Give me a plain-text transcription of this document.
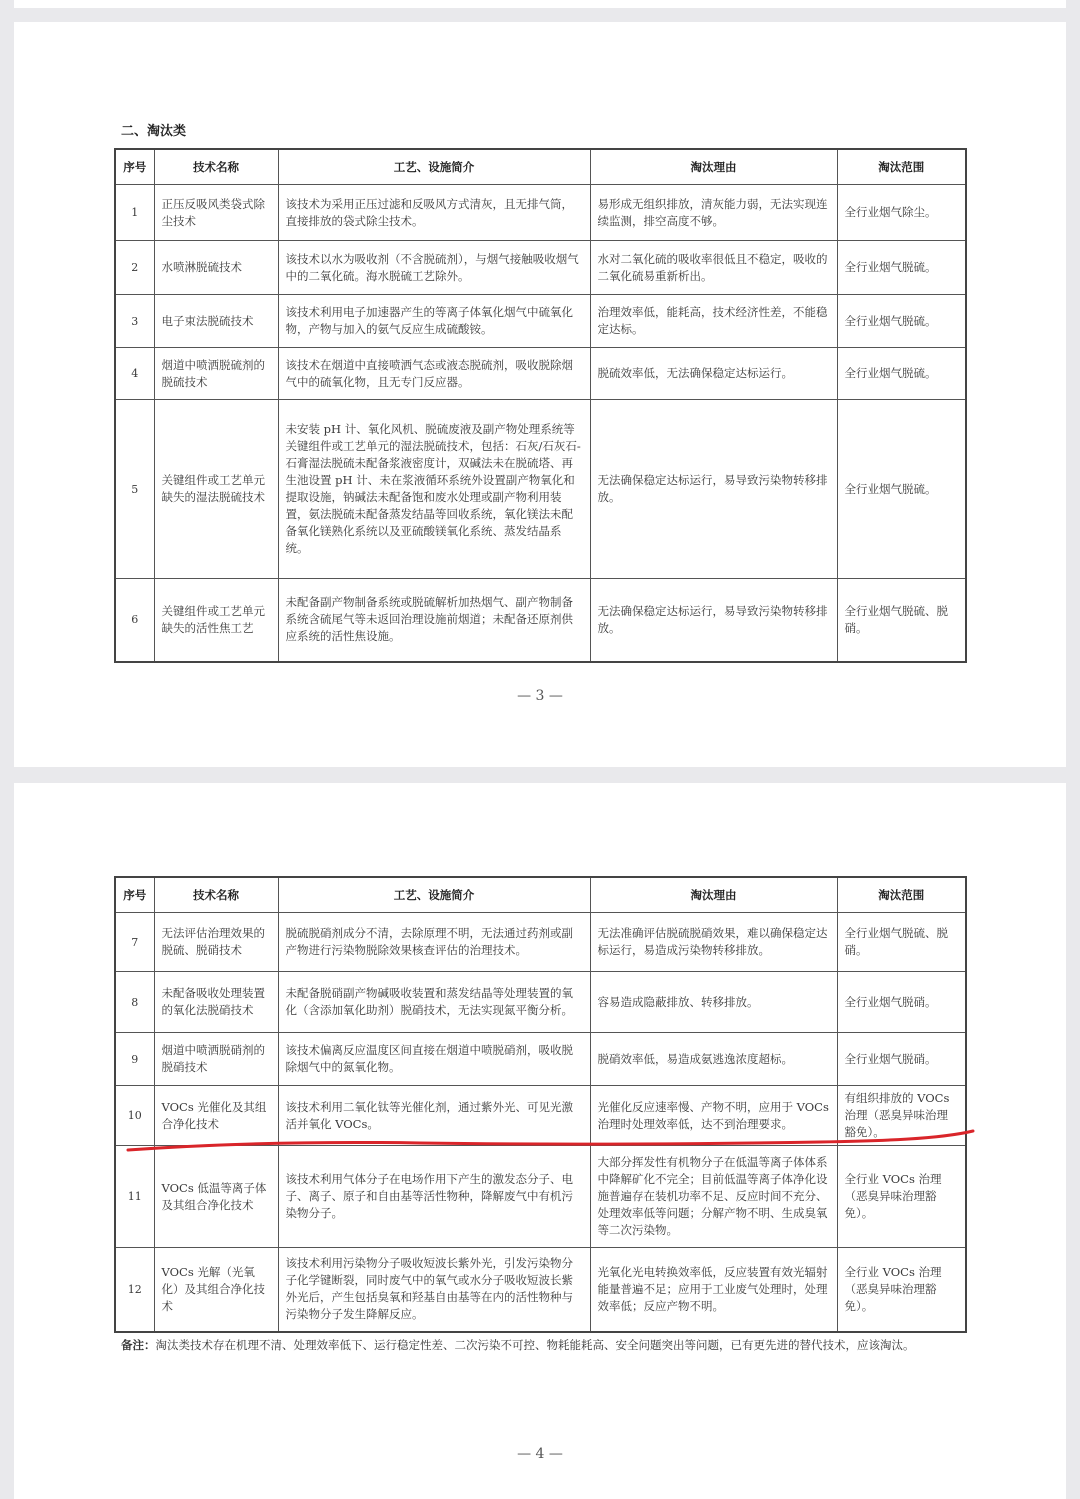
二、淘汰类
序号	技术名称	工艺、设施简介	淘汰理由	淘汰范围
1	正压反吸风类袋式除尘技术	该技术为采用正压过滤和反吸风方式清灰，且无排气筒，直接排放的袋式除尘技术。	易形成无组织排放，清灰能力弱，无法实现连续监测，排空高度不够。	全行业烟气除尘。
2	水喷淋脱硫技术	该技术以水为吸收剂（不含脱硫剂），与烟气接触吸收烟气中的二氧化硫。海水脱硫工艺除外。	水对二氧化硫的吸收率很低且不稳定，吸收的二氧化硫易重新析出。	全行业烟气脱硫。
3	电子束法脱硫技术	该技术利用电子加速器产生的等离子体氧化烟气中硫氧化物，产物与加入的氨气反应生成硫酸铵。	治理效率低，能耗高，技术经济性差，不能稳定达标。	全行业烟气脱硫。
4	烟道中喷洒脱硫剂的脱硫技术	该技术在烟道中直接喷洒气态或液态脱硫剂，吸收脱除烟气中的硫氧化物，且无专门反应器。	脱硫效率低，无法确保稳定达标运行。	全行业烟气脱硫。
5	关键组件或工艺单元缺失的湿法脱硫技术	未安装 pH 计、氧化风机、脱硫废液及副产物处理系统等关键组件或工艺单元的湿法脱硫技术，包括：石灰/石灰石-石膏湿法脱硫未配备浆液密度计，双碱法未在脱硫塔、再生池设置 pH 计、未在浆液循环系统外设置副产物氧化和提取设施，钠碱法未配备饱和废水处理或副产物利用装置，氨法脱硫未配备蒸发结晶等回收系统，氧化镁法未配备氧化镁熟化系统以及亚硫酸镁氧化系统、蒸发结晶系统。	无法确保稳定达标运行，易导致污染物转移排放。	全行业烟气脱硫。
6	关键组件或工艺单元缺失的活性焦工艺	未配备副产物制备系统或脱硫解析加热烟气、副产物制备系统含硫尾气等未返回治理设施前烟道；未配备还原剂供应系统的活性焦设施。	无法确保稳定达标运行，易导致污染物转移排放。	全行业烟气脱硫、脱硝。
— 3 —
序号	技术名称	工艺、设施简介	淘汰理由	淘汰范围
7	无法评估治理效果的脱硫、脱硝技术	脱硫脱硝剂成分不清，去除原理不明，无法通过药剂或副产物进行污染物脱除效果核查评估的治理技术。	无法准确评估脱硫脱硝效果，难以确保稳定达标运行，易造成污染物转移排放。	全行业烟气脱硫、脱硝。
8	未配备吸收处理装置的氧化法脱硝技术	未配备脱硝副产物碱吸收装置和蒸发结晶等处理装置的氧化（含添加氧化助剂）脱硝技术，无法实现氮平衡分析。	容易造成隐蔽排放、转移排放。	全行业烟气脱硝。
9	烟道中喷洒脱硝剂的脱硝技术	该技术偏离反应温度区间直接在烟道中喷脱硝剂，吸收脱除烟气中的氮氧化物。	脱硝效率低，易造成氨逃逸浓度超标。	全行业烟气脱硝。
10	VOCs 光催化及其组合净化技术	该技术利用二氧化钛等光催化剂，通过紫外光、可见光激活并氧化 VOCs。	光催化反应速率慢、产物不明，应用于 VOCs 治理时处理效率低，达不到治理要求。	有组织排放的 VOCs 治理（恶臭异味治理豁免）。
11	VOCs 低温等离子体及其组合净化技术	该技术利用气体分子在电场作用下产生的激发态分子、电子、离子、原子和自由基等活性物种，降解废气中有机污染物分子。	大部分挥发性有机物分子在低温等离子体体系中降解矿化不完全；目前低温等离子体净化设施普遍存在装机功率不足、反应时间不充分、处理效率低等问题；分解产物不明、生成臭氧等二次污染物。	全行业 VOCs 治理（恶臭异味治理豁免）。
12	VOCs 光解（光氧化）及其组合净化技术	该技术利用污染物分子吸收短波长紫外光，引发污染物分子化学键断裂，同时废气中的氧气或水分子吸收短波长紫外光后，产生包括臭氧和羟基自由基等在内的活性物种与污染物分子发生降解反应。	光氧化光电转换效率低，反应装置有效光辐射能量普遍不足；应用于工业废气处理时，处理效率低；反应产物不明。	全行业 VOCs 治理（恶臭异味治理豁免）。
备注：淘汰类技术存在机理不清、处理效率低下、运行稳定性差、二次污染不可控、物耗能耗高、安全问题突出等问题，已有更先进的替代技术，应该淘汰。
— 4 —
